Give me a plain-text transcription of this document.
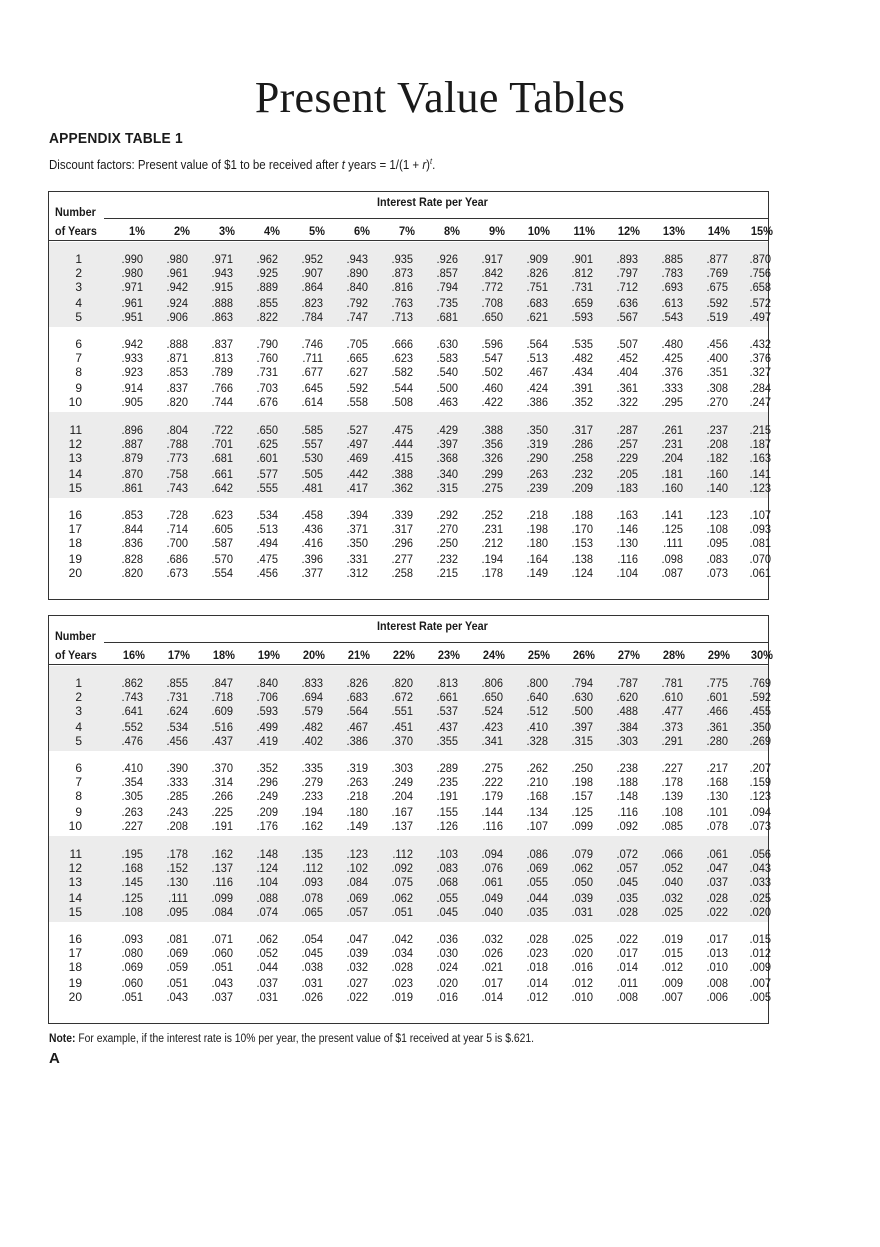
Present Value Tables
APPENDIX TABLE 1
Discount factors: Present value of $1 to be received after t years = $1/(1 + r)^t$.
Number
Interest Rate per Year
of Years	1%	2%	3%	4%	5%	6%	7%	8%	9%	10%	11%	12%	13%	14%	15%
1	.990	.980	.971	.962	.952	.943	.935	.926	.917	.909	.901	.893	.885	.877	.870
2	.980	.961	.943	.925	.907	.890	.873	.857	.842	.826	.812	.797	.783	.769	.756
3	.971	.942	.915	.889	.864	.840	.816	.794	.772	.751	.731	.712	.693	.675	.658
4	.961	.924	.888	.855	.823	.792	.763	.735	.708	.683	.659	.636	.613	.592	.572
5	.951	.906	.863	.822	.784	.747	.713	.681	.650	.621	.593	.567	.543	.519	.497
6	.942	.888	.837	.790	.746	.705	.666	.630	.596	.564	.535	.507	.480	.456	.432
7	.933	.871	.813	.760	.711	.665	.623	.583	.547	.513	.482	.452	.425	.400	.376
8	.923	.853	.789	.731	.677	.627	.582	.540	.502	.467	.434	.404	.376	.351	.327
9	.914	.837	.766	.703	.645	.592	.544	.500	.460	.424	.391	.361	.333	.308	.284
10	.905	.820	.744	.676	.614	.558	.508	.463	.422	.386	.352	.322	.295	.270	.247
11	.896	.804	.722	.650	.585	.527	.475	.429	.388	.350	.317	.287	.261	.237	.215
12	.887	.788	.701	.625	.557	.497	.444	.397	.356	.319	.286	.257	.231	.208	.187
13	.879	.773	.681	.601	.530	.469	.415	.368	.326	.290	.258	.229	.204	.182	.163
14	.870	.758	.661	.577	.505	.442	.388	.340	.299	.263	.232	.205	.181	.160	.141
15	.861	.743	.642	.555	.481	.417	.362	.315	.275	.239	.209	.183	.160	.140	.123
16	.853	.728	.623	.534	.458	.394	.339	.292	.252	.218	.188	.163	.141	.123	.107
17	.844	.714	.605	.513	.436	.371	.317	.270	.231	.198	.170	.146	.125	.108	.093
18	.836	.700	.587	.494	.416	.350	.296	.250	.212	.180	.153	.130	.111	.095	.081
19	.828	.686	.570	.475	.396	.331	.277	.232	.194	.164	.138	.116	.098	.083	.070
20	.820	.673	.554	.456	.377	.312	.258	.215	.178	.149	.124	.104	.087	.073	.061
Number
Interest Rate per Year
of Years	16%	17%	18%	19%	20%	21%	22%	23%	24%	25%	26%	27%	28%	29%	30%
1	.862	.855	.847	.840	.833	.826	.820	.813	.806	.800	.794	.787	.781	.775	.769
2	.743	.731	.718	.706	.694	.683	.672	.661	.650	.640	.630	.620	.610	.601	.592
3	.641	.624	.609	.593	.579	.564	.551	.537	.524	.512	.500	.488	.477	.466	.455
4	.552	.534	.516	.499	.482	.467	.451	.437	.423	.410	.397	.384	.373	.361	.350
5	.476	.456	.437	.419	.402	.386	.370	.355	.341	.328	.315	.303	.291	.280	.269
6	.410	.390	.370	.352	.335	.319	.303	.289	.275	.262	.250	.238	.227	.217	.207
7	.354	.333	.314	.296	.279	.263	.249	.235	.222	.210	.198	.188	.178	.168	.159
8	.305	.285	.266	.249	.233	.218	.204	.191	.179	.168	.157	.148	.139	.130	.123
9	.263	.243	.225	.209	.194	.180	.167	.155	.144	.134	.125	.116	.108	.101	.094
10	.227	.208	.191	.176	.162	.149	.137	.126	.116	.107	.099	.092	.085	.078	.073
11	.195	.178	.162	.148	.135	.123	.112	.103	.094	.086	.079	.072	.066	.061	.056
12	.168	.152	.137	.124	.112	.102	.092	.083	.076	.069	.062	.057	.052	.047	.043
13	.145	.130	.116	.104	.093	.084	.075	.068	.061	.055	.050	.045	.040	.037	.033
14	.125	.111	.099	.088	.078	.069	.062	.055	.049	.044	.039	.035	.032	.028	.025
15	.108	.095	.084	.074	.065	.057	.051	.045	.040	.035	.031	.028	.025	.022	.020
16	.093	.081	.071	.062	.054	.047	.042	.036	.032	.028	.025	.022	.019	.017	.015
17	.080	.069	.060	.052	.045	.039	.034	.030	.026	.023	.020	.017	.015	.013	.012
18	.069	.059	.051	.044	.038	.032	.028	.024	.021	.018	.016	.014	.012	.010	.009
19	.060	.051	.043	.037	.031	.027	.023	.020	.017	.014	.012	.011	.009	.008	.007
20	.051	.043	.037	.031	.026	.022	.019	.016	.014	.012	.010	.008	.007	.006	.005
Note: For example, if the interest rate is 10% per year, the present value of $1 received at year 5 is $.621.
A
